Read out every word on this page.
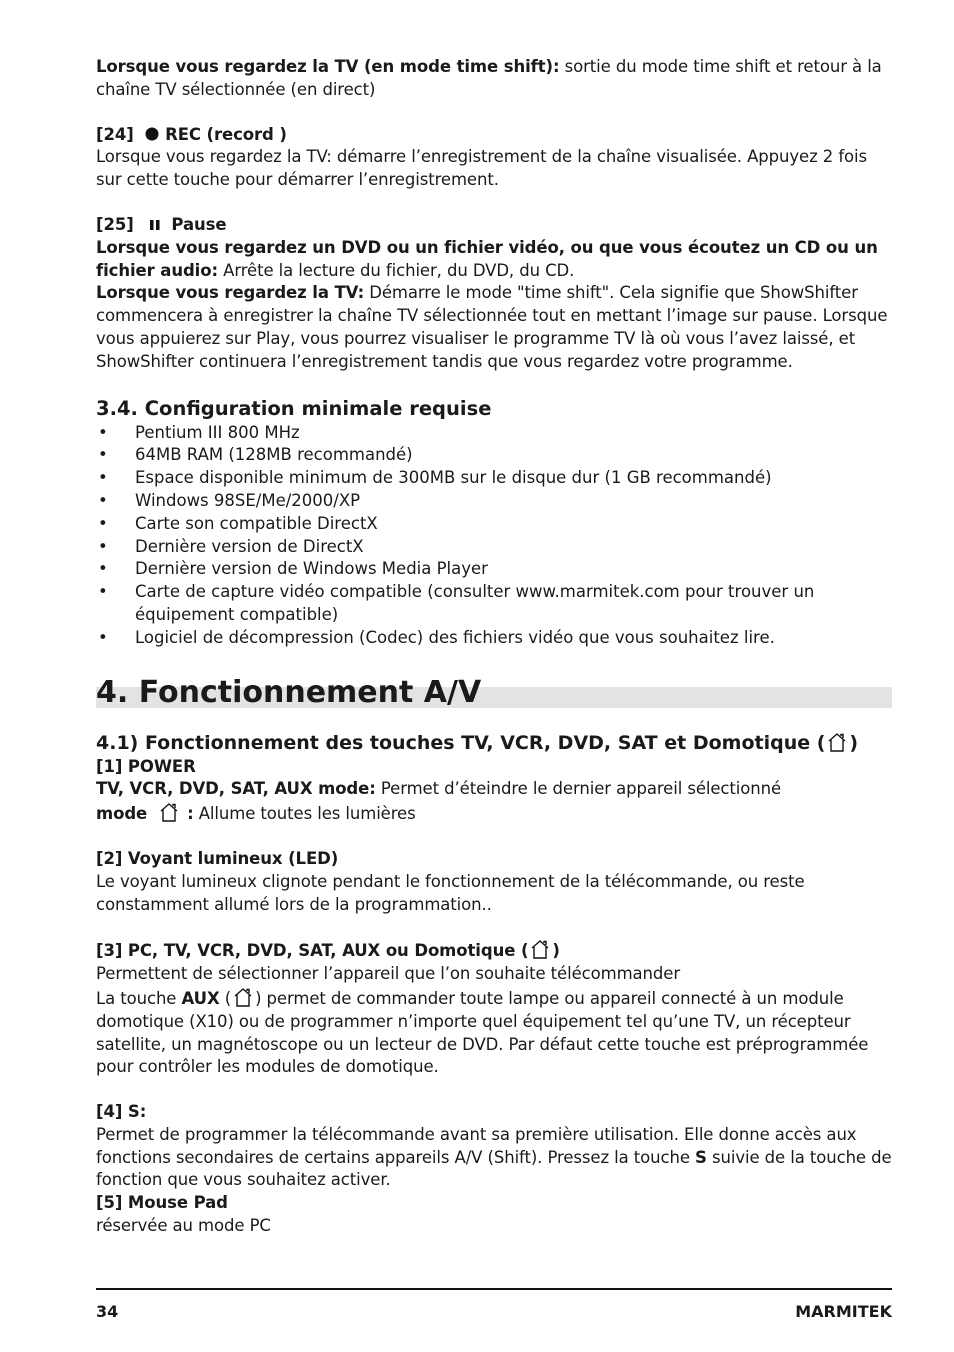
Lorsque vous regardez la TV (en mode time shift): sortie du mode time shift et retour à la chaîne TV sélectionnée (en direct)

[24] REC (record )

Lorsque vous regardez la TV: démarre l’enregistrement de la chaîne visualisée. Appuyez 2 fois sur cette touche pour démarrer l’enregistrement.

[25] Pause

Lorsque vous regardez un DVD ou un fichier vidéo, ou que vous écoutez un CD ou un fichier audio: Arrête la lecture du fichier, du DVD, du CD.

Lorsque vous regardez la TV: Démarre le mode "time shift". Cela signifie que ShowShifter commencera à enregistrer la chaîne TV sélectionnée tout en mettant l’image sur pause. Lorsque vous appuierez sur Play, vous pourrez visualiser le programme TV là où vous l’avez laissé, et ShowShifter continuera l’enregistrement tandis que vous regardez votre programme.

3.4. Configuration minimale requise

• Pentium III 800 MHz
• 64MB RAM (128MB recommandé)
• Espace disponible minimum de 300MB sur le disque dur (1 GB recommandé)
• Windows 98SE/Me/2000/XP
• Carte son compatible DirectX
• Dernière version de DirectX
• Dernière version de Windows Media Player
• Carte de capture vidéo compatible (consulter www.marmitek.com pour trouver un équipement compatible)
• Logiciel de décompression (Codec) des fichiers vidéo que vous souhaitez lire.
4. Fonctionnement A/V

4.1) Fonctionnement des touches TV, VCR, DVD, SAT et Domotique ( )

[1] POWER

TV, VCR, DVD, SAT, AUX mode: Permet d’éteindre le dernier appareil sélectionné

mode   : Allume toutes les lumières

[2] Voyant lumineux (LED)

Le voyant lumineux clignote pendant le fonctionnement de la télécommande, ou reste constamment allumé lors de la programmation..

[3] PC, TV, VCR, DVD, SAT, AUX ou Domotique ( )

Permettent de sélectionner l’appareil que l’on souhaite télécommander

La touche AUX ( ) permet de commander toute lampe ou appareil connecté à un module domotique (X10) ou de programmer n’importe quel équipement tel qu’une TV, un récepteur satellite, un magnétoscope ou un lecteur de DVD. Par défaut cette touche est préprogrammée pour contrôler les modules de domotique.

[4] S:

Permet de programmer la télécommande avant sa première utilisation. Elle donne accès aux fonctions secondaires de certains appareils A/V (Shift). Pressez la touche S suivie de la touche de fonction que vous souhaitez activer.

[5] Mouse Pad

réservée au mode PC

34	MARMITEK
